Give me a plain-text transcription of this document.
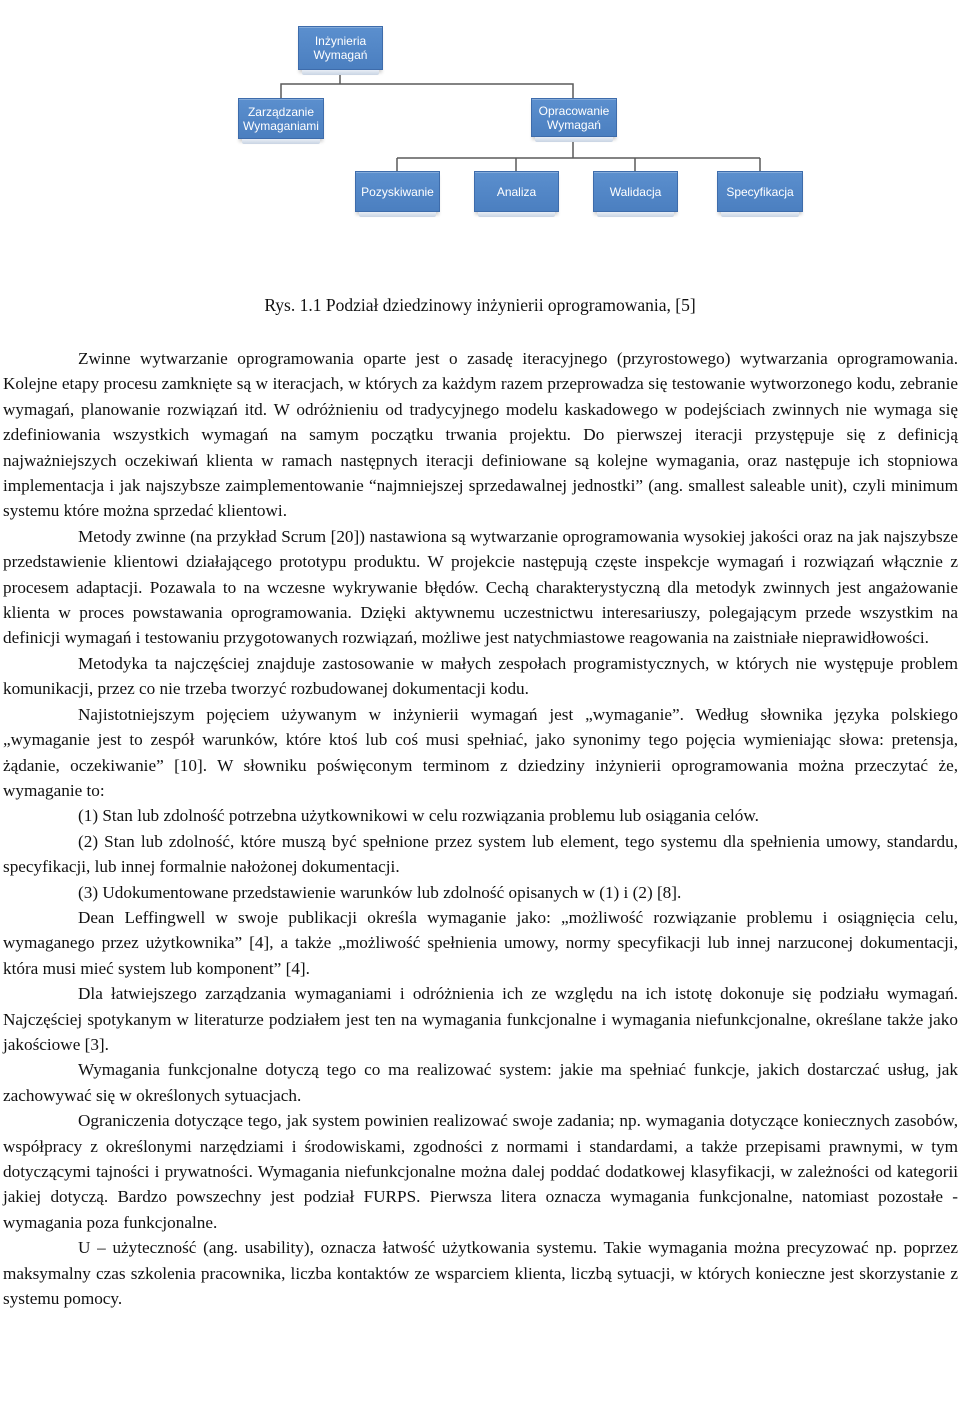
Inżynieria Wymagań
Zarządzanie Wymaganiami
Opracowanie Wymagań
Pozyskiwanie	Analiza	Walidacja	Specyfikacja
Rys. 1.1 Podział dziedzinowy inżynierii oprogramowania, [5]

Zwinne wytwarzanie oprogramowania oparte jest o zasadę iteracyjnego (przyrostowego) wytwarzania oprogramowania. Kolejne etapy procesu zamknięte są w iteracjach, w których za każdym razem przeprowadza się testowanie wytworzonego kodu, zebranie wymagań, planowanie rozwiązań itd. W odróżnieniu od tradycyjnego modelu kaskadowego w podejściach zwinnych nie wymaga się zdefiniowania wszystkich wymagań na samym początku trwania projektu. Do pierwszej iteracji przystępuje się z definicją najważniejszych oczekiwań klienta w ramach następnych iteracji definiowane są kolejne wymagania, oraz następuje ich stopniowa implementacja i jak najszybsze zaimplementowanie “najmniejszej sprzedawalnej jednostki” (ang. smallest saleable unit), czyli minimum systemu które można sprzedać klientowi.

Metody zwinne (na przykład Scrum [20]) nastawiona są wytwarzanie oprogramowania wysokiej jakości oraz na jak najszybsze przedstawienie klientowi działającego prototypu produktu. W projekcie następują częste inspekcje wymagań i rozwiązań włącznie z procesem adaptacji. Pozawala to na wczesne wykrywanie błędów. Cechą charakterystyczną dla metodyk zwinnych jest angażowanie klienta w proces powstawania oprogramowania. Dzięki aktywnemu uczestnictwu interesariuszy, polegającym przede wszystkim na definicji wymagań i testowaniu przygotowanych rozwiązań, możliwe jest natychmiastowe reagowania na zaistniałe nieprawidłowości.

Metodyka ta najczęściej znajduje zastosowanie w małych zespołach programistycznych, w których nie występuje problem komunikacji, przez co nie trzeba tworzyć rozbudowanej dokumentacji kodu.

Najistotniejszym pojęciem używanym w inżynierii wymagań jest „wymaganie”. Według słownika języka polskiego „wymaganie jest to zespół warunków, które ktoś lub coś musi spełniać, jako synonimy tego pojęcia wymieniając słowa: pretensja, żądanie, oczekiwanie” [10]. W słowniku poświęconym terminom z dziedziny inżynierii oprogramowania można przeczytać że, wymaganie to:

(1) Stan lub zdolność potrzebna użytkownikowi w celu rozwiązania problemu lub osiągania celów.

(2) Stan lub zdolność, które muszą być spełnione przez system lub element, tego systemu dla spełnienia umowy, standardu, specyfikacji, lub innej formalnie nałożonej dokumentacji.

(3) Udokumentowane przedstawienie warunków lub zdolność opisanych w (1) i (2) [8].

Dean Leffingwell w swoje publikacji określa wymaganie jako: „możliwość rozwiązanie problemu i osiągnięcia celu, wymaganego przez użytkownika” [4], a także „możliwość spełnienia umowy, normy specyfikacji lub innej narzuconej dokumentacji, która musi mieć system lub komponent” [4].

Dla łatwiejszego zarządzania wymaganiami i odróżnienia ich ze względu na ich istotę dokonuje się podziału wymagań. Najczęściej spotykanym w literaturze podziałem jest ten na wymagania funkcjonalne i wymagania niefunkcjonalne, określane także jako jakościowe [3].

Wymagania funkcjonalne dotyczą tego co ma realizować system: jakie ma spełniać funkcje, jakich dostarczać usług, jak zachowywać się w określonych sytuacjach.

Ograniczenia dotyczące tego, jak system powinien realizować swoje zadania; np. wymagania dotyczące koniecznych zasobów, współpracy z określonymi narzędziami i środowiskami, zgodności z normami i standardami, a także przepisami prawnymi, w tym dotyczącymi tajności i prywatności. Wymagania niefunkcjonalne można dalej poddać dodatkowej klasyfikacji, w zależności od kategorii jakiej dotyczą. Bardzo powszechny jest podział FURPS. Pierwsza litera oznacza wymagania funkcjonalne, natomiast pozostałe - wymagania poza funkcjonalne.

U – użyteczność (ang. usability), oznacza łatwość użytkowania systemu. Takie wymagania można precyzować np. poprzez maksymalny czas szkolenia pracownika, liczba kontaktów ze wsparciem klienta, liczbą sytuacji, w których konieczne jest skorzystanie z systemu pomocy.
